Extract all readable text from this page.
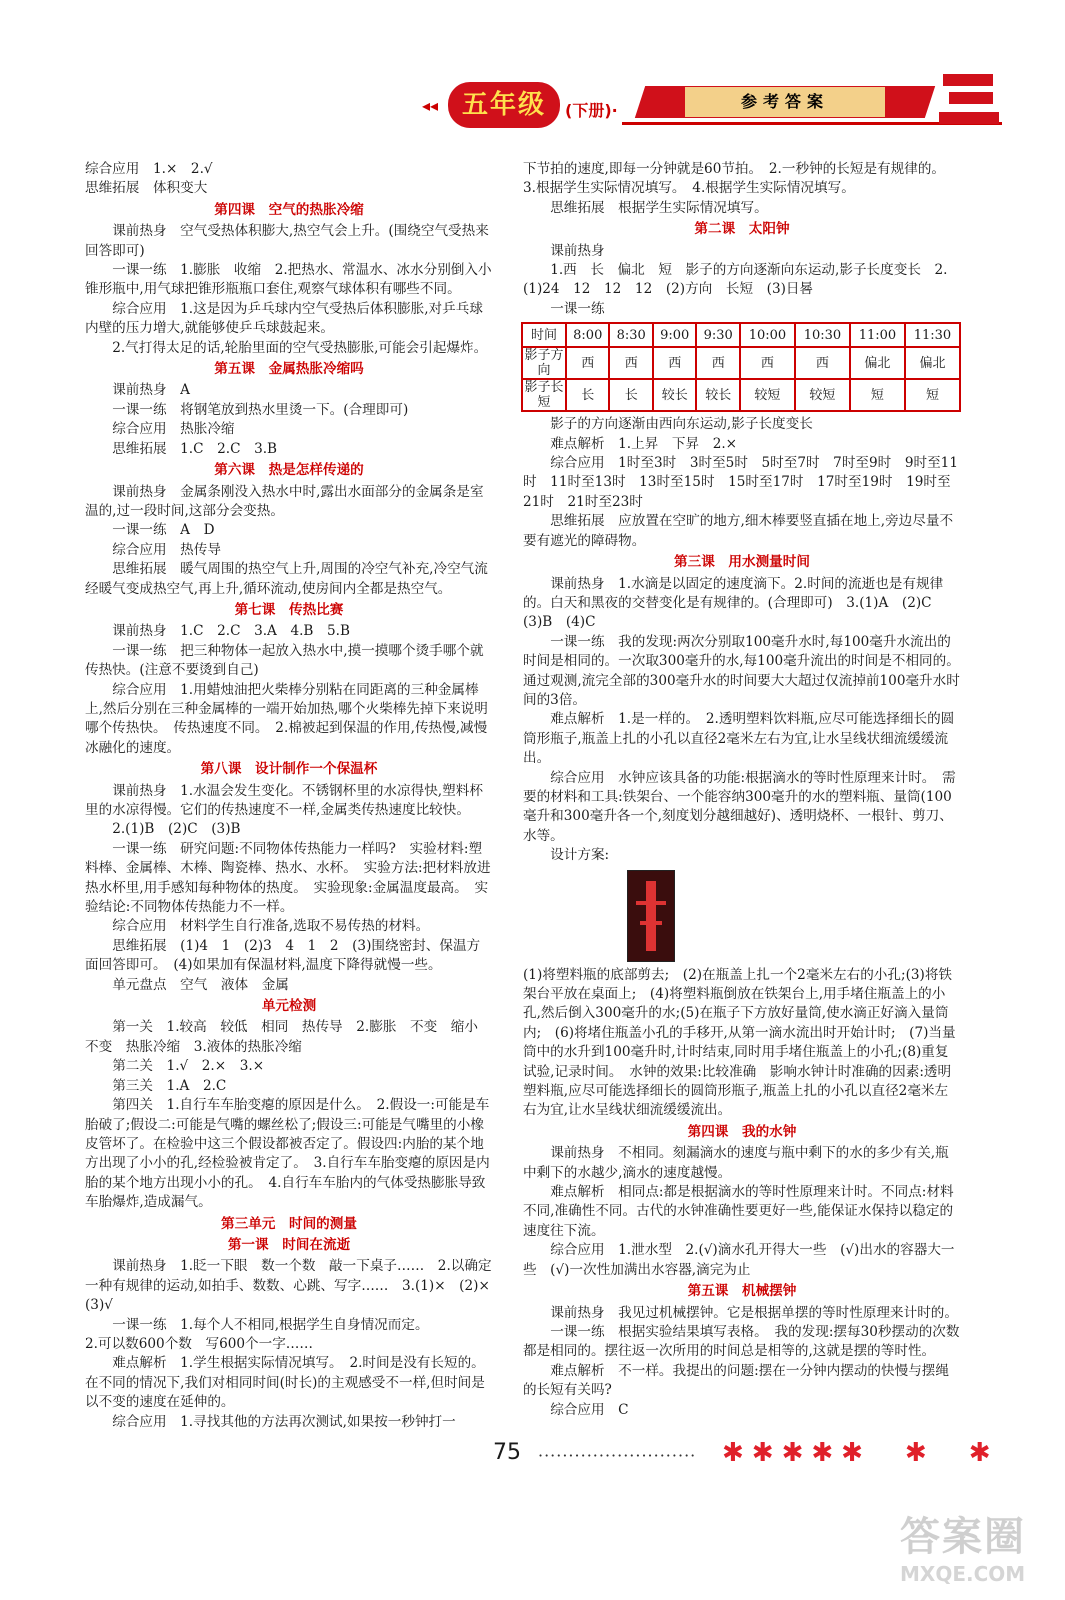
◂◂ 五年级	(下册)·	参考答案

综合应用　1.×　2.√

思维拓展　体积变大

第四课　空气的热胀冷缩

课前热身　空气受热体积膨大,热空气会上升。(围绕空气受热来回答即可)

一课一练　1.膨胀　收缩　2.把热水、常温水、冰水分别倒入小锥形瓶中,用气球把锥形瓶瓶口套住,观察气球体积有哪些不同。

综合应用　1.这是因为乒乓球内空气受热后体积膨胀,对乒乓球内壁的压力增大,就能够使乒乓球鼓起来。

2.气打得太足的话,轮胎里面的空气受热膨胀,可能会引起爆炸。

第五课　金属热胀冷缩吗

课前热身　A

一课一练　将钢笔放到热水里烫一下。(合理即可)

综合应用　热胀冷缩

思维拓展　1.C　2.C　3.B

第六课　热是怎样传递的

课前热身　金属条刚没入热水中时,露出水面部分的金属条是室温的,过一段时间,这部分会变热。

一课一练　A　D

综合应用　热传导

思维拓展　暖气周围的热空气上升,周围的冷空气补充,冷空气流经暖气变成热空气,再上升,循环流动,使房间内全都是热空气。

第七课　传热比赛

课前热身　1.C　2.C　3.A　4.B　5.B

一课一练　把三种物体一起放入热水中,摸一摸哪个烫手哪个就传热快。(注意不要烫到自己)

综合应用　1.用蜡烛油把火柴棒分别粘在同距离的三种金属棒上,然后分别在三种金属棒的一端开始加热,哪个火柴棒先掉下来说明哪个传热快。　传热速度不同。　2.棉被起到保温的作用,传热慢,减慢冰融化的速度。

第八课　设计制作一个保温杯

课前热身　1.水温会发生变化。不锈钢杯里的水凉得快,塑料杯里的水凉得慢。它们的传热速度不一样,金属类传热速度比较快。

2.(1)B　(2)C　(3)B

一课一练　研究问题:不同物体传热能力一样吗?　实验材料:塑料棒、金属棒、木棒、陶瓷棒、热水、水杯。　实验方法:把材料放进热水杯里,用手感知每种物体的热度。　实验现象:金属温度最高。　实验结论:不同物体传热能力不一样。

综合应用　材料学生自行准备,选取不易传热的材料。

思维拓展　(1)4　1　(2)3　4　1　2　(3)围绕密封、保温方面回答即可。　(4)如果加有保温材料,温度下降得就慢一些。

单元盘点　空气　液体　金属

单元检测

第一关　1.较高　较低　相同　热传导　2.膨胀　不变　缩小　不变　热胀冷缩　3.液体的热胀冷缩

第二关　1.√　2.×　3.×

第三关　1.A　2.C

第四关　1.自行车车胎变瘪的原因是什么。　2.假设一:可能是车胎破了;假设二:可能是气嘴的螺丝松了;假设三:可能是气嘴里的小橡皮管坏了。在检验中这三个假设都被否定了。假设四:内胎的某个地方出现了小小的孔,经检验被肯定了。　3.自行车车胎变瘪的原因是内胎的某个地方出现小小的孔。　4.自行车车胎内的气体受热膨胀导致车胎爆炸,造成漏气。

第三单元　时间的测量

第一课　时间在流逝

课前热身　1.眨一下眼　数一个数　敲一下桌子……　2.以确定一种有规律的运动,如拍手、数数、心跳、写字……　3.(1)×　(2)×　(3)√

一课一练　1.每个人不相同,根据学生自身情况而定。

2.可以数600个数　写600个一字……

难点解析　1.学生根据实际情况填写。　2.时间是没有长短的。在不同的情况下,我们对相同时间(时长)的主观感受不一样,但时间是以不变的速度在延伸的。

综合应用　1.寻找其他的方法再次测试,如果按一秒钟打一

下节拍的速度,即每一分钟就是60节拍。　2.一秒钟的长短是有规律的。　3.根据学生实际情况填写。　4.根据学生实际情况填写。

思维拓展　根据学生实际情况填写。

第二课　太阳钟

课前热身

1.西　长　偏北　短　影子的方向逐渐向东运动,影子长度变长　2.(1)24　12　12　12　(2)方向　长短　(3)日晷

一课一练

时间	8:00	8:30	9:00	9:30	10:00	10:30	11:00	11:30
影子方向	西	西	西	西	西	西	偏北	偏北
影子长短	长	长	较长	较长	较短	较短	短	短

影子的方向逐渐由西向东运动,影子长度变长

难点解析　1.上昇　下昇　2.×

综合应用　1时至3时　3时至5时　5时至7时　7时至9时　9时至11时　11时至13时　13时至15时　15时至17时　17时至19时　19时至21时　21时至23时

思维拓展　应放置在空旷的地方,细木棒要竖直插在地上,旁边尽量不要有遮光的障碍物。

第三课　用水测量时间

课前热身　1.水滴是以固定的速度滴下。2.时间的流逝也是有规律的。白天和黑夜的交替变化是有规律的。(合理即可)　3.(1)A　(2)C　(3)B　(4)C

一课一练　我的发现:两次分别取100毫升水时,每100毫升水流出的时间是相同的。一次取300毫升的水,每100毫升流出的时间是不相同的。通过观测,流完全部的300毫升水的时间要大大超过仅流掉前100毫升水时间的3倍。

难点解析　1.是一样的。　2.透明塑料饮料瓶,应尽可能选择细长的圆筒形瓶子,瓶盖上扎的小孔以直径2毫米左右为宜,让水呈线状细流缓缓流出。

综合应用　水钟应该具备的功能:根据滴水的等时性原理来计时。　需要的材料和工具:铁架台、一个能容纳300毫升的水的塑料瓶、量筒(100毫升和300毫升各一个,刻度划分越细越好)、透明烧杯、一根针、剪刀、水等。

设计方案:

(1)将塑料瓶的底部剪去;　(2)在瓶盖上扎一个2毫米左右的小孔;(3)将铁架台平放在桌面上;　(4)将塑料瓶倒放在铁架台上,用手堵住瓶盖上的小孔,然后倒入300毫升的水;(5)在瓶子下方放好量筒,使水滴正好滴入量筒内;　(6)将堵住瓶盖小孔的手移开,从第一滴水流出时开始计时;　(7)当量筒中的水升到100毫升时,计时结束,同时用手堵住瓶盖上的小孔;(8)重复试验,记录时间。　水钟的效果:比较准确　影响水钟计时准确的因素:透明塑料瓶,应尽可能选择细长的圆筒形瓶子,瓶盖上扎的小孔以直径2毫米左右为宜,让水呈线状细流缓缓流出。

第四课　我的水钟

课前热身　不相同。刻漏滴水的速度与瓶中剩下的水的多少有关,瓶中剩下的水越少,滴水的速度越慢。

难点解析　相同点:都是根据滴水的等时性原理来计时。不同点:材料不同,准确性不同。古代的水钟准确性要更好一些,能保证水保持以稳定的速度往下流。

综合应用　1.泄水型　2.(√)滴水孔开得大一些　(√)出水的容器大一些　(√)一次性加满出水容器,滴完为止

第五课　机械摆钟

课前热身　我见过机械摆钟。它是根据单摆的等时性原理来计时的。

一课一练　根据实验结果填写表格。　我的发现:摆每30秒摆动的次数都是相同的。摆往返一次所用的时间总是相等的,这就是摆的等时性。

难点解析　不一样。我提出的问题:摆在一分钟内摆动的快慢与摆绳的长短有关吗?

综合应用　C

75 ·························· ✱✱✱✱✱　✱　✱
答案圈
MXQE.COM
